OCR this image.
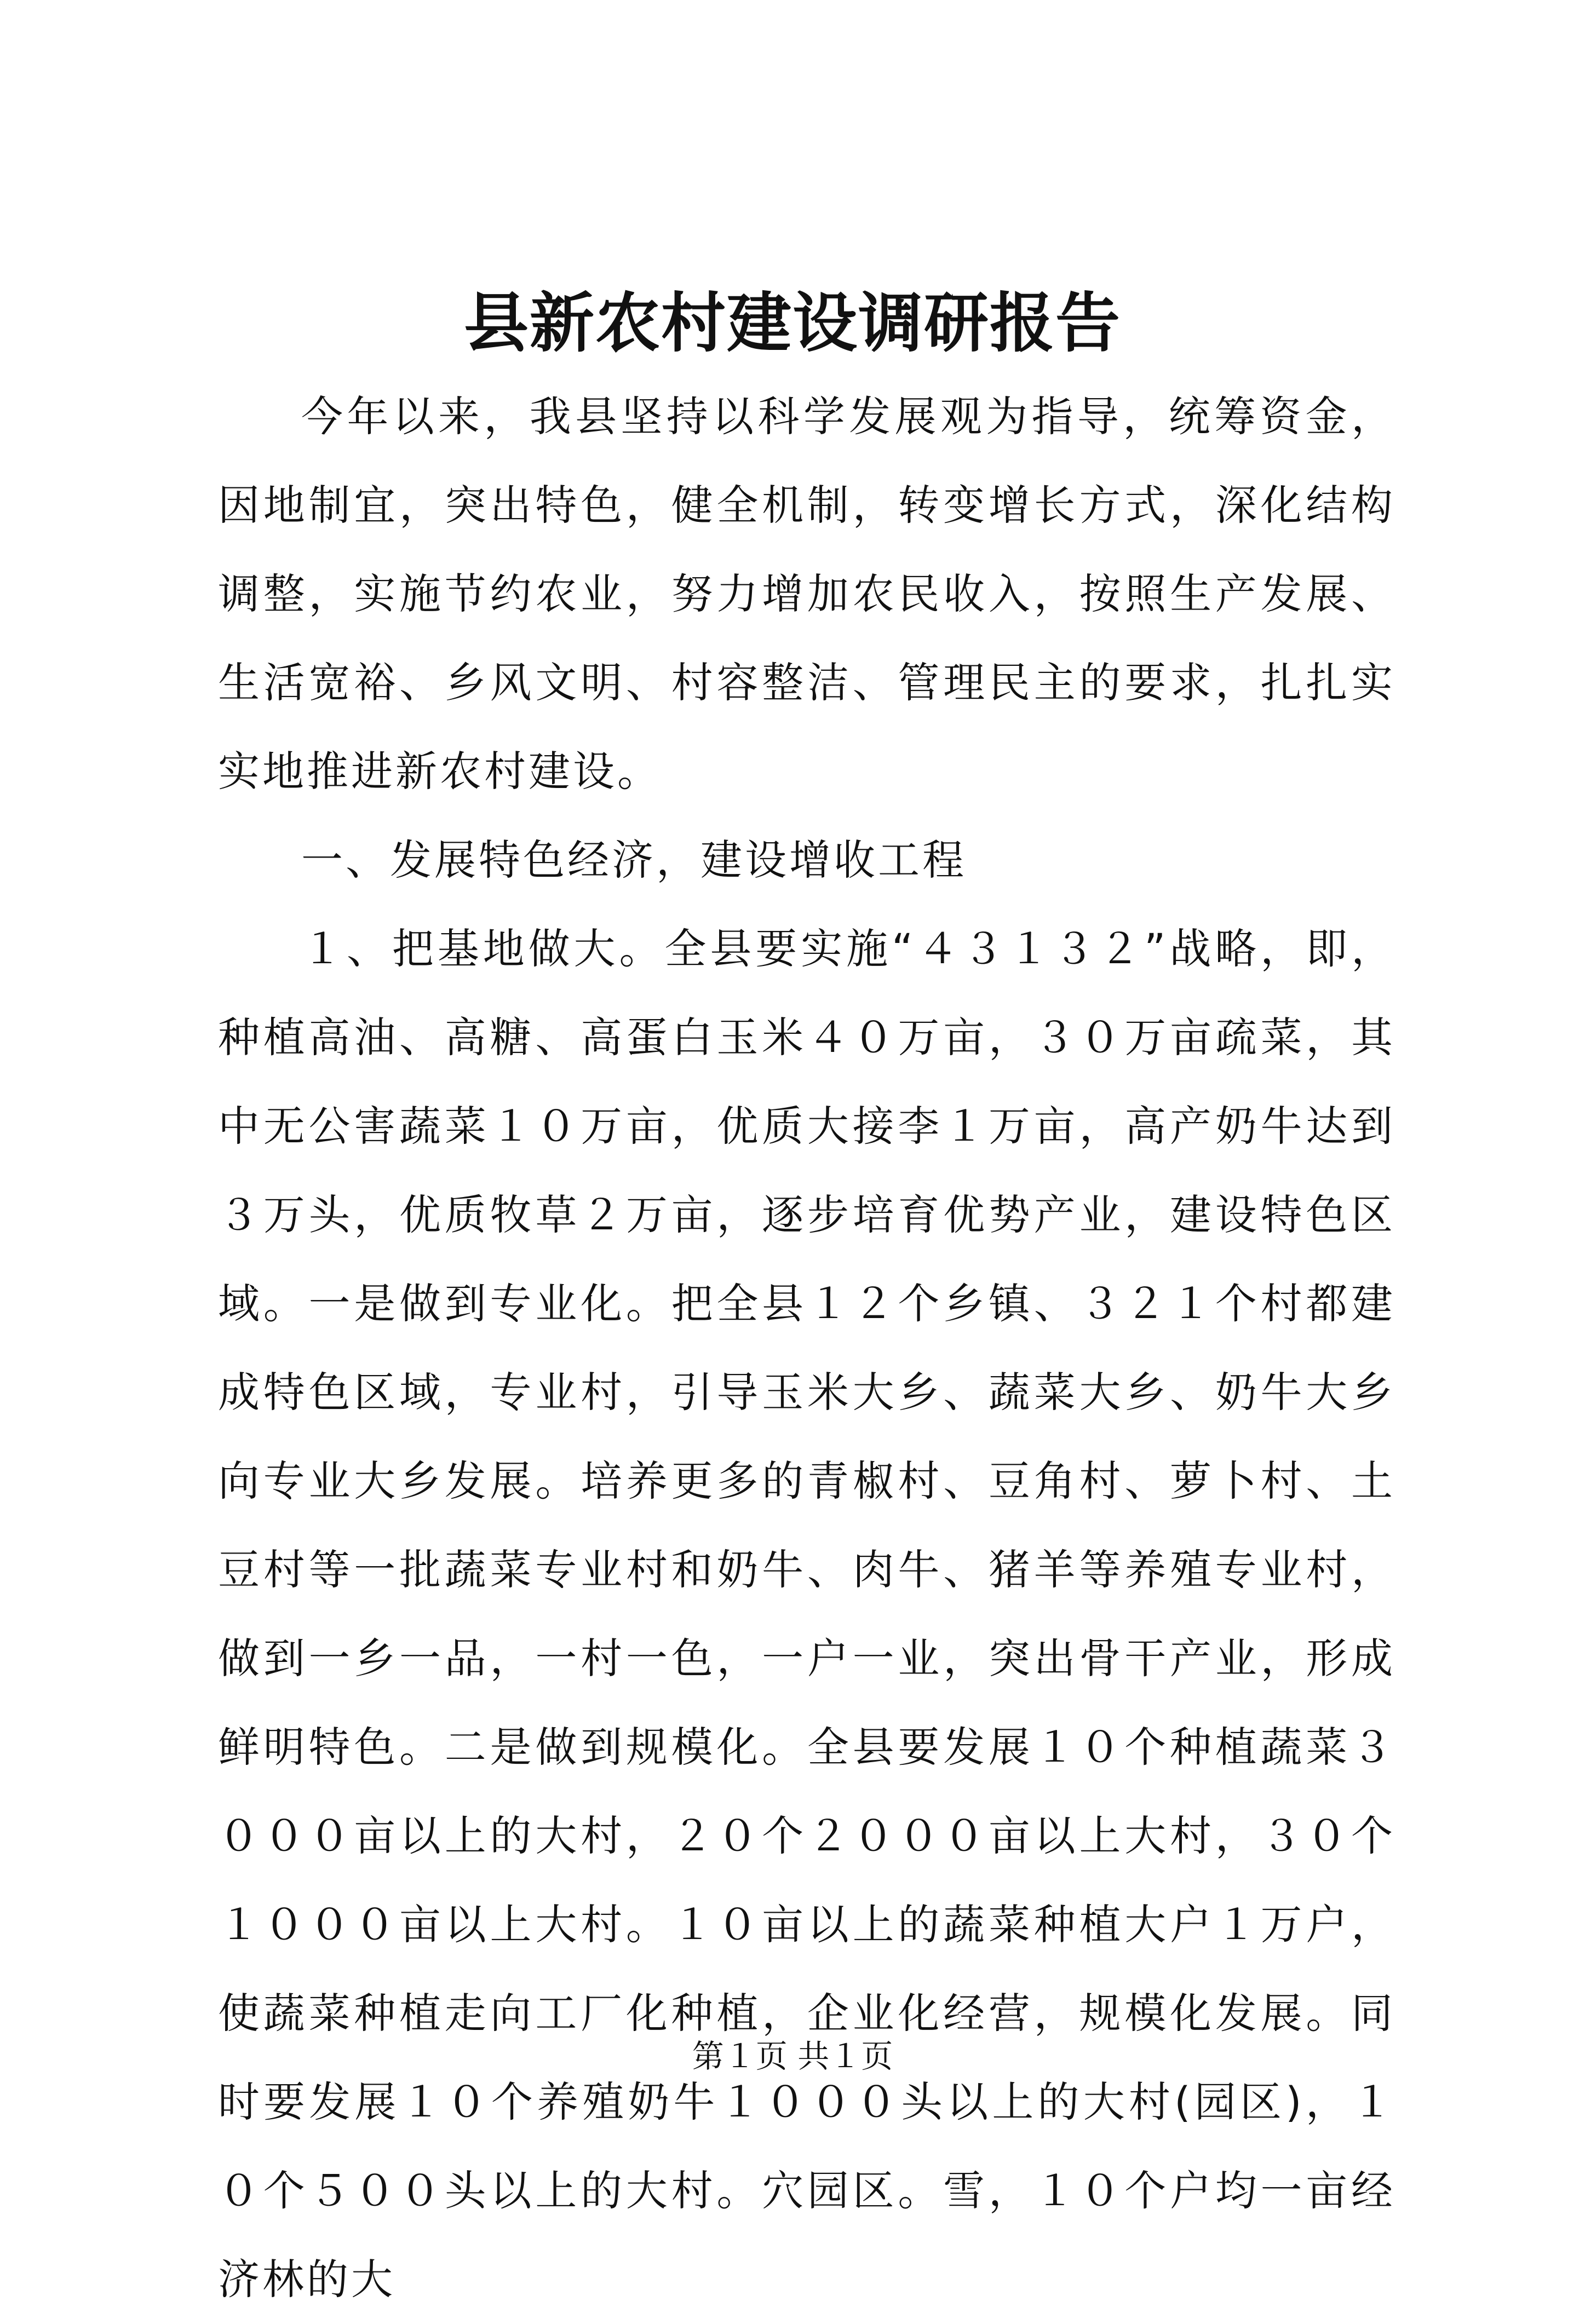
县新农村建设调研报告

今年以来，我县坚持以科学发展观为指导，统筹资金，因地制宜，突出特色，健全机制，转变增长方式，深化结构调整，实施节约农业，努力增加农民收入，按照生产发展、生活宽裕、乡风文明、村容整洁、管理民主的要求，扎扎实实地推进新农村建设。

一、发展特色经济，建设增收工程

１、把基地做大。全县要实施“４３１３２”战略，即，种植高油、高糖、高蛋白玉米４０万亩，３０万亩疏菜，其中无公害蔬菜１０万亩，优质大接李１万亩，高产奶牛达到３万头，优质牧草２万亩，逐步培育优势产业，建设特色区域。一是做到专业化。把全县１２个乡镇、３２１个村都建成特色区域，专业村，引导玉米大乡、蔬菜大乡、奶牛大乡向专业大乡发展。培养更多的青椒村、豆角村、萝卜村、土豆村等一批蔬菜专业村和奶牛、肉牛、猪羊等养殖专业村，做到一乡一品，一村一色，一户一业，突出骨干产业，形成鲜明特色。二是做到规模化。全县要发展１０个种植蔬菜３０００亩以上的大村，２０个２０００亩以上大村，３０个１０００亩以上大村。１０亩以上的蔬菜种植大户１万户，使蔬菜种植走向工厂化种植，企业化经营，规模化发展。同时要发展１０个养殖奶牛１０００头以上的大村(园区)，１０个５００头以上的大村。穴园区。雪，１０个户均一亩经济林的大

第１页 共１页
